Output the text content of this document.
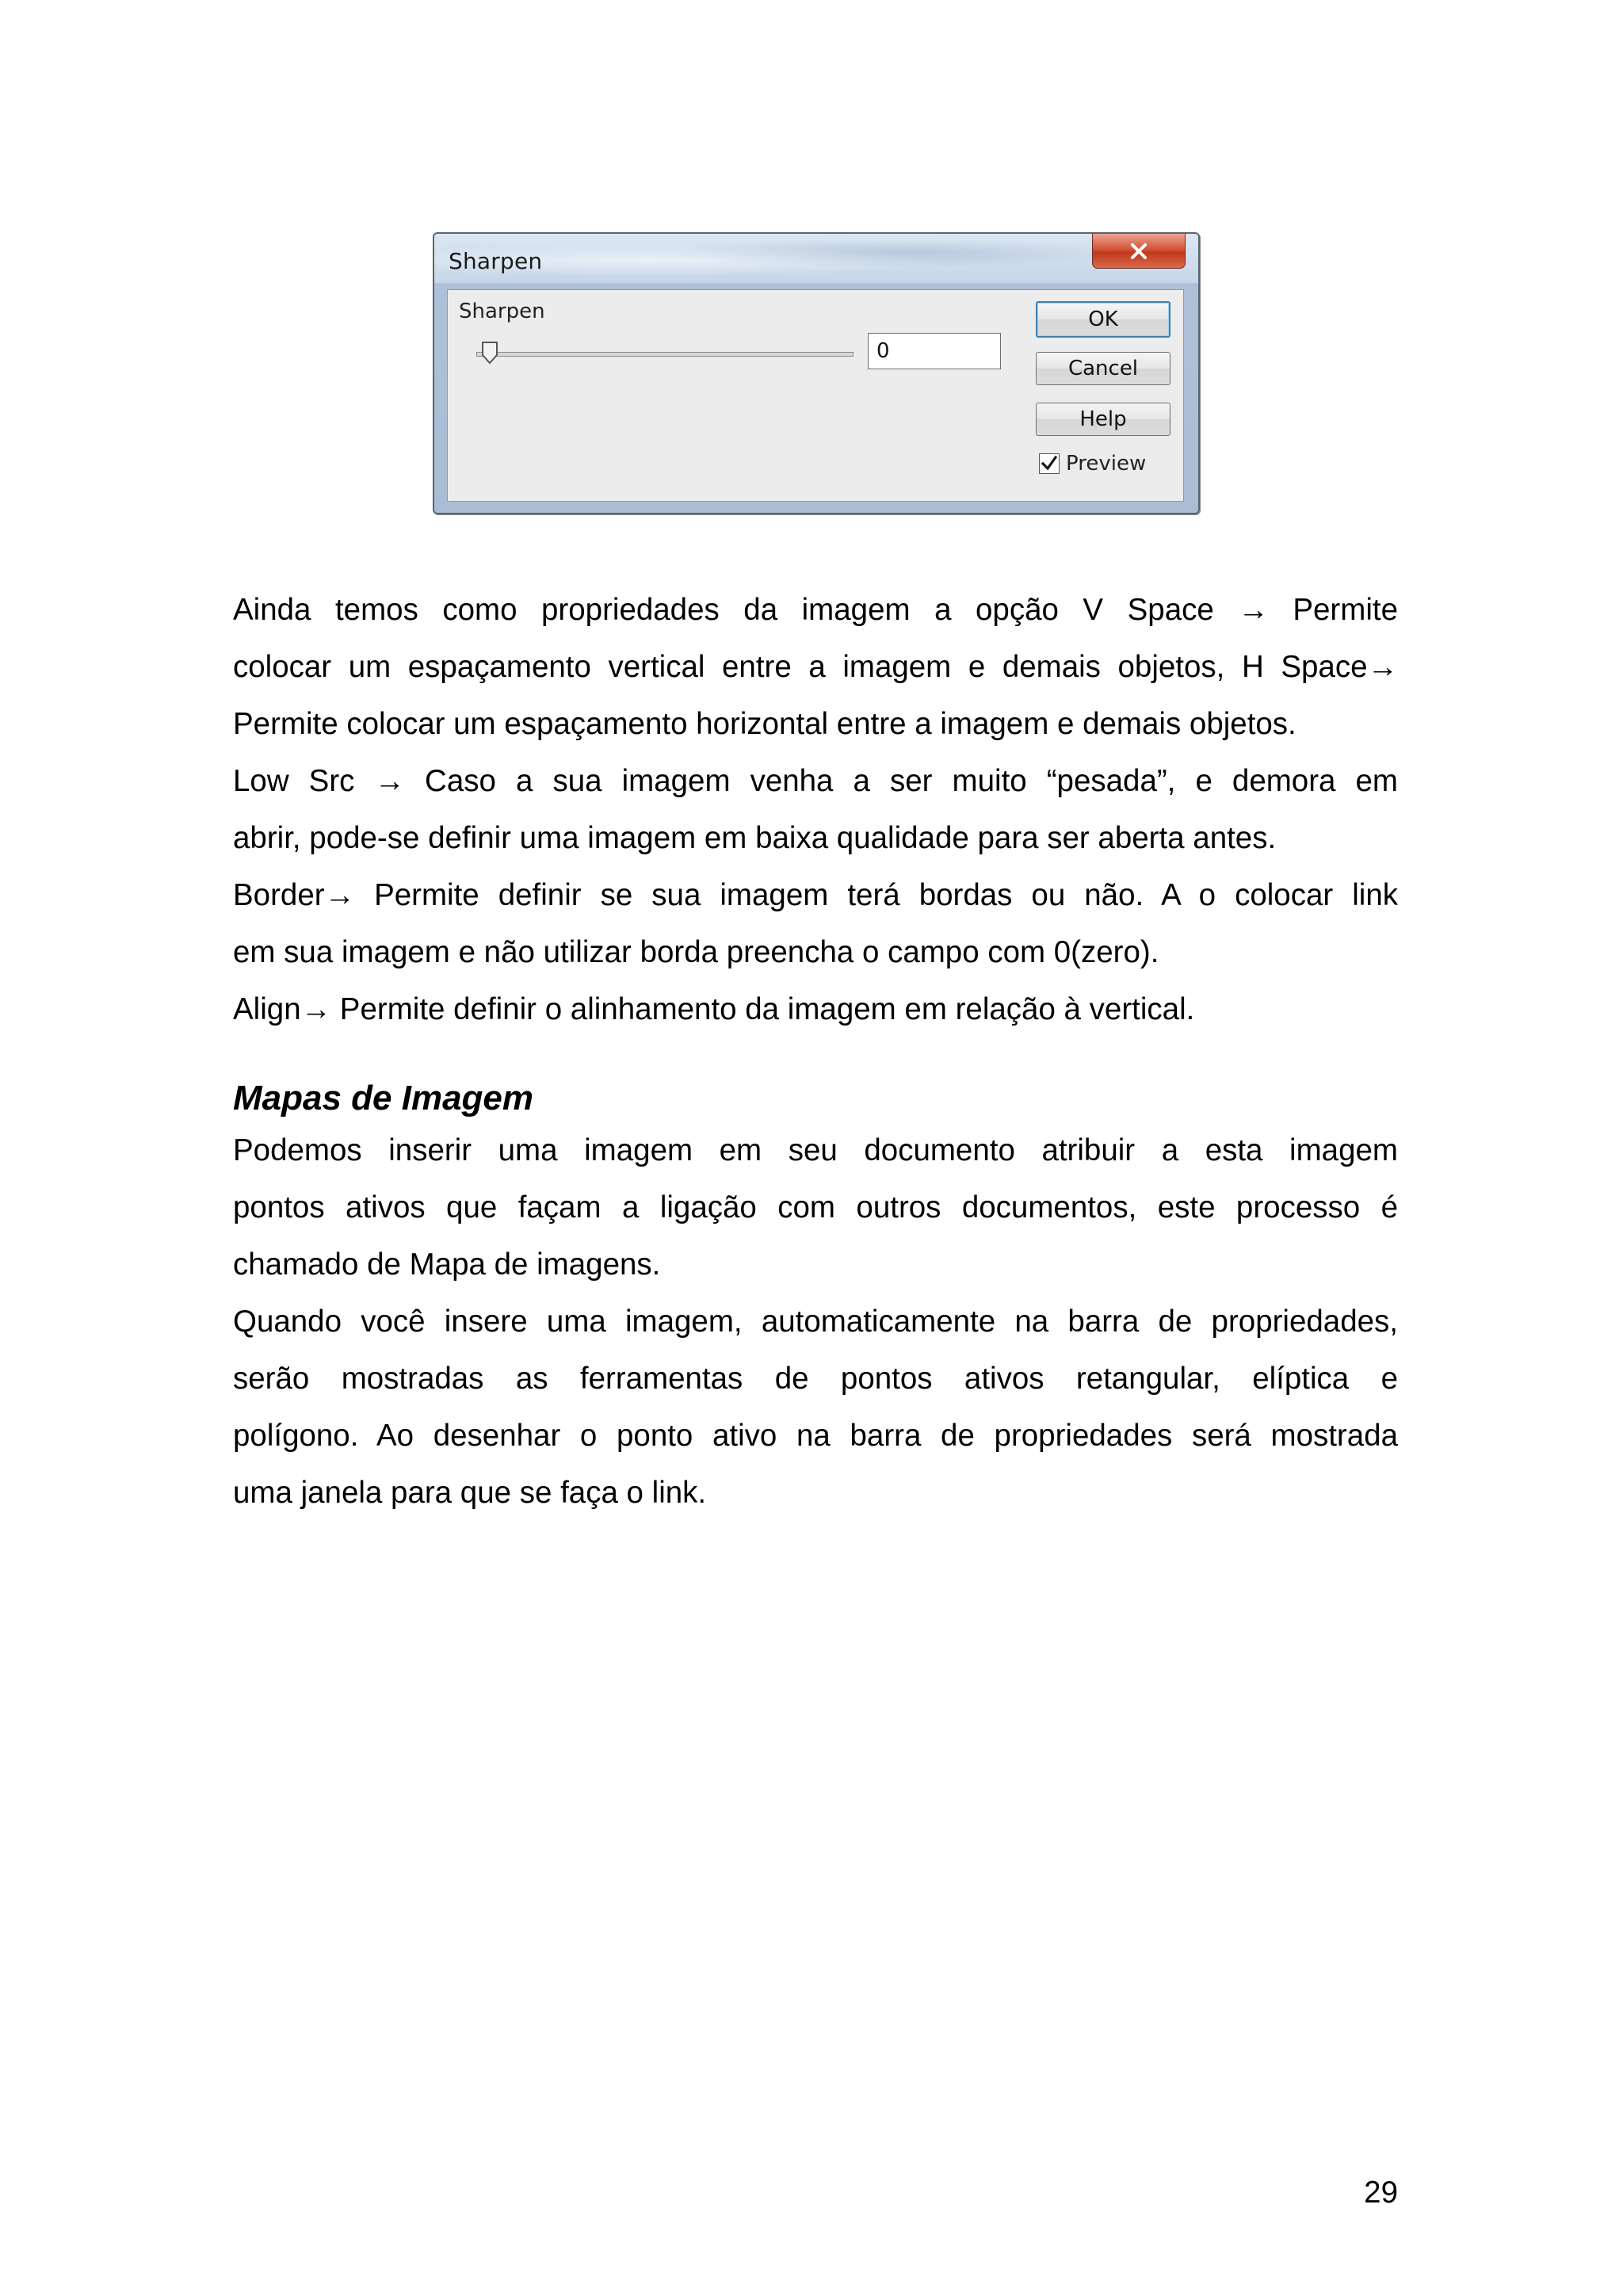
Sharpen
Sharpen
0	OK
Cancel
Help
Preview
Ainda temos como propriedades da imagem a opção V Space → Permite
colocar um espaçamento vertical entre a imagem e demais objetos, H Space→
Permite colocar um espaçamento horizontal entre a imagem e demais objetos.
Low Src → Caso a sua imagem venha a ser muito “pesada”, e demora em
abrir, pode-se definir uma imagem em baixa qualidade para ser aberta antes.
Border→ Permite definir se sua imagem terá bordas ou não. A o colocar link
em sua imagem e não utilizar borda preencha o campo com 0(zero).
Align→ Permite definir o alinhamento da imagem em relação à vertical.
Mapas de Imagem
Podemos inserir uma imagem em seu documento atribuir a esta imagem
pontos ativos que façam a ligação com outros documentos, este processo é
chamado de Mapa de imagens.
Quando você insere uma imagem, automaticamente na barra de propriedades,
serão mostradas as ferramentas de pontos ativos retangular, elíptica e
polígono. Ao desenhar o ponto ativo na barra de propriedades será mostrada
uma janela para que se faça o link.
29
